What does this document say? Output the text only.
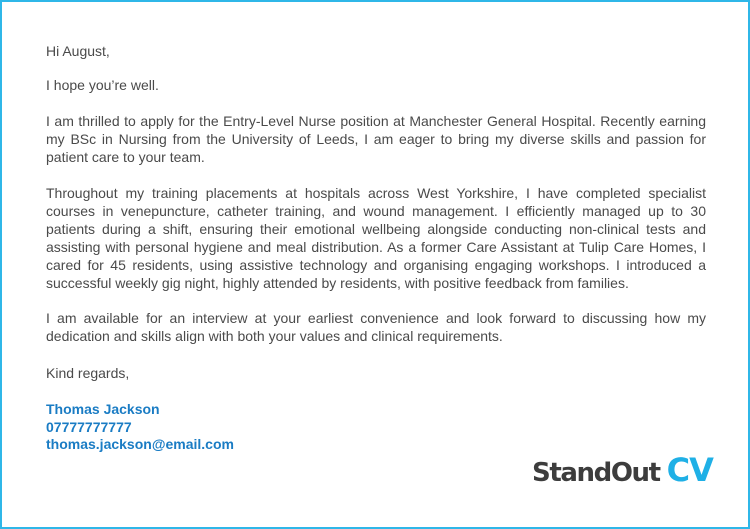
Hi August,

I hope you’re well.

I am thrilled to apply for the Entry-Level Nurse position at Manchester General Hospital. Recently earning my BSc in Nursing from the University of Leeds, I am eager to bring my diverse skills and passion for patient care to your team.

Throughout my training placements at hospitals across West Yorkshire, I have completed specialist courses in venepuncture, catheter training, and wound management. I efficiently managed up to 30 patients during a shift, ensuring their emotional wellbeing alongside conducting non-clinical tests and assisting with personal hygiene and meal distribution. As a former Care Assistant at Tulip Care Homes, I cared for 45 residents, using assistive technology and organising engaging workshops. I introduced a successful weekly gig night, highly attended by residents, with positive feedback from families.

I am available for an interview at your earliest convenience and look forward to discussing how my dedication and skills align with both your values and clinical requirements.

Kind regards,

Thomas Jackson

07777777777

thomas.jackson@email.com

StandOut CV
